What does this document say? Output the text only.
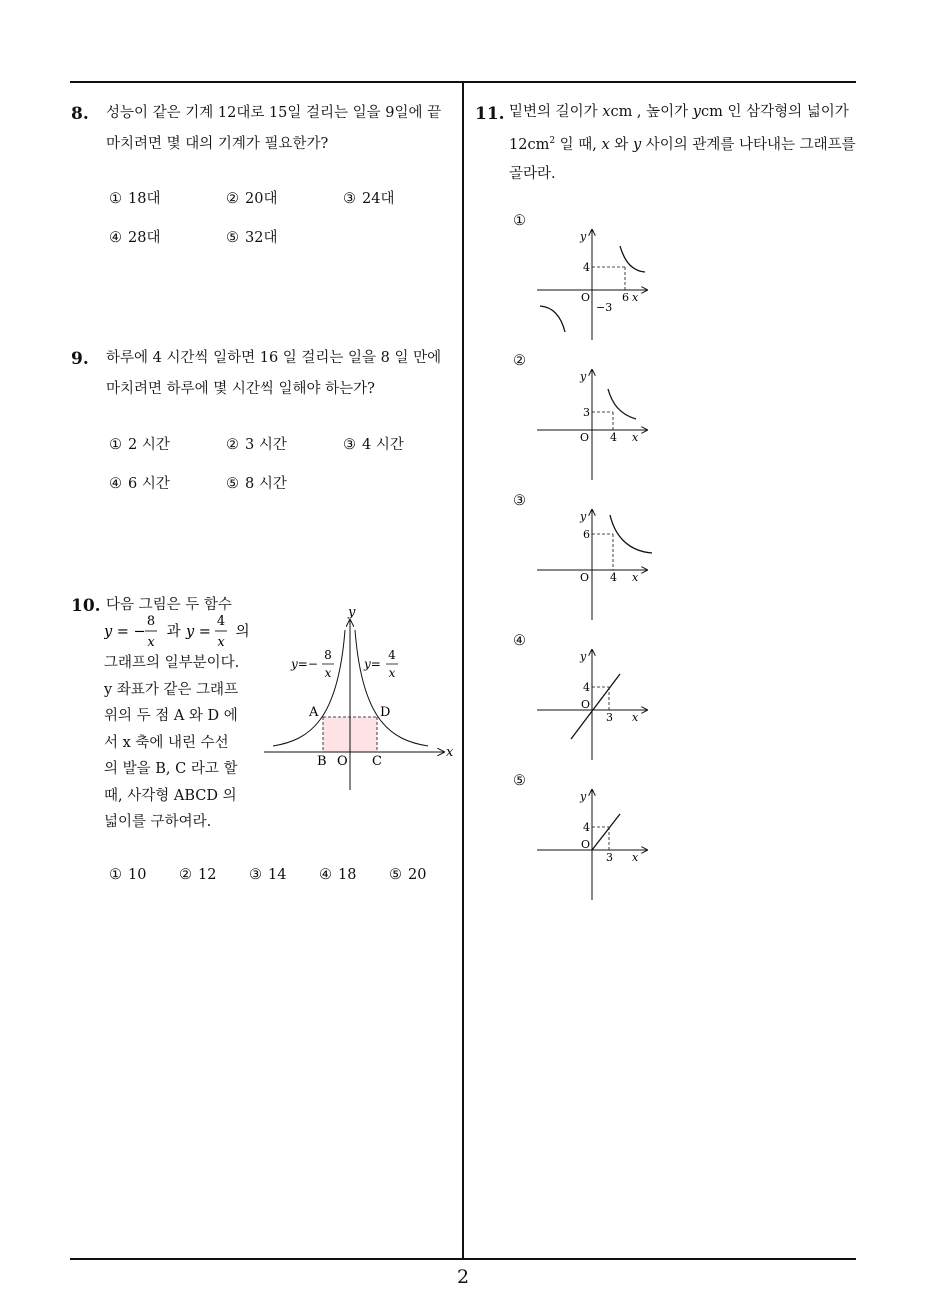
8. 성능이 같은 기계 12대로 15일 걸리는 일을 9일에 끝

마치려면 몇 대의 기계가 필요한가?

① 18대	② 20대	③ 24대
④ 28대	⑤ 32대
9. 하루에 4 시간씩 일하면 16 일 걸리는 일을 8 일 만에

마치려면 하루에 몇 시간씩 일해야 하는가?

① 2 시간	② 3 시간	③ 4 시간
④ 6 시간	⑤ 8 시간
10. 다음 그림은 두 함수

y = −
8
x
과 y =
4
x
의

그래프의 일부분이다.

y 좌표가 같은 그래프

위의 두 점 A 와 D 에

서 x 축에 내린 수선

의 발을 B, C 라고 할

때, 사각형 ABCD 의

넓이를 구하여라.

y
x
O
A
B	C
D
y=−
8
x
y=
4
x
① 10 ② 12 ③ 14 ④ 18 ⑤ 20
11. 밑변의 길이가 xcm , 높이가 ycm 인 삼각형의 넓이가

$12cm^2$ 일 때, x 와 y 사이의 관계를 나타내는 그래프를

골라라.

①
y
x
O
4
6
−3
②
y
x
O
3
4
③
y
x
O
6
4
④
y
x
O
4
3
⑤
y
x
O
4
3
2
